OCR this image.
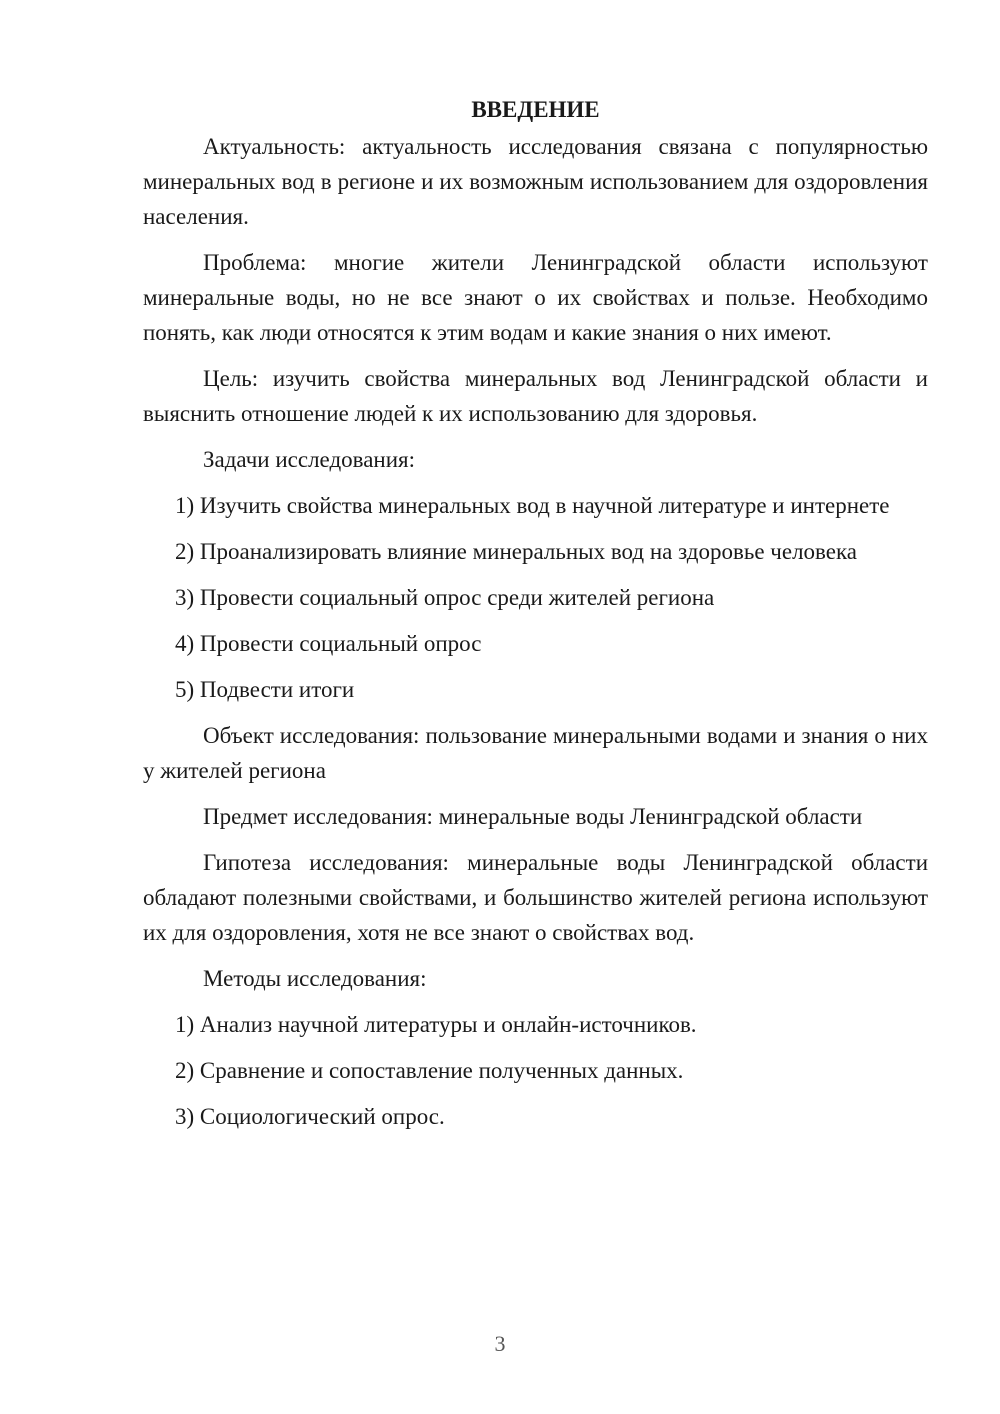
ВВЕДЕНИЕ

Актуальность: актуальность исследования связана с популярностью минеральных вод в регионе и их возможным использованием для оздоровления населения.

Проблема: многие жители Ленинградской области используют минеральные воды, но не все знают о их свойствах и пользе. Необходимо понять, как люди относятся к этим водам и какие знания о них имеют.

Цель: изучить свойства минеральных вод Ленинградской области и выяснить отношение людей к их использованию для здоровья.

Задачи исследования:

1) Изучить свойства минеральных вод в научной литературе и интернете

2) Проанализировать влияние минеральных вод на здоровье человека

3) Провести социальный опрос среди жителей региона

4) Провести социальный опрос

5) Подвести итоги

Объект исследования: пользование минеральными водами и знания о них у жителей региона

Предмет исследования: минеральные воды Ленинградской области

Гипотеза исследования: минеральные воды Ленинградской области обладают полезными свойствами, и большинство жителей региона используют их для оздоровления, хотя не все знают о свойствах вод.

Методы исследования:

1) Анализ научной литературы и онлайн-источников.

2) Сравнение и сопоставление полученных данных.

3) Социологический опрос.

3
